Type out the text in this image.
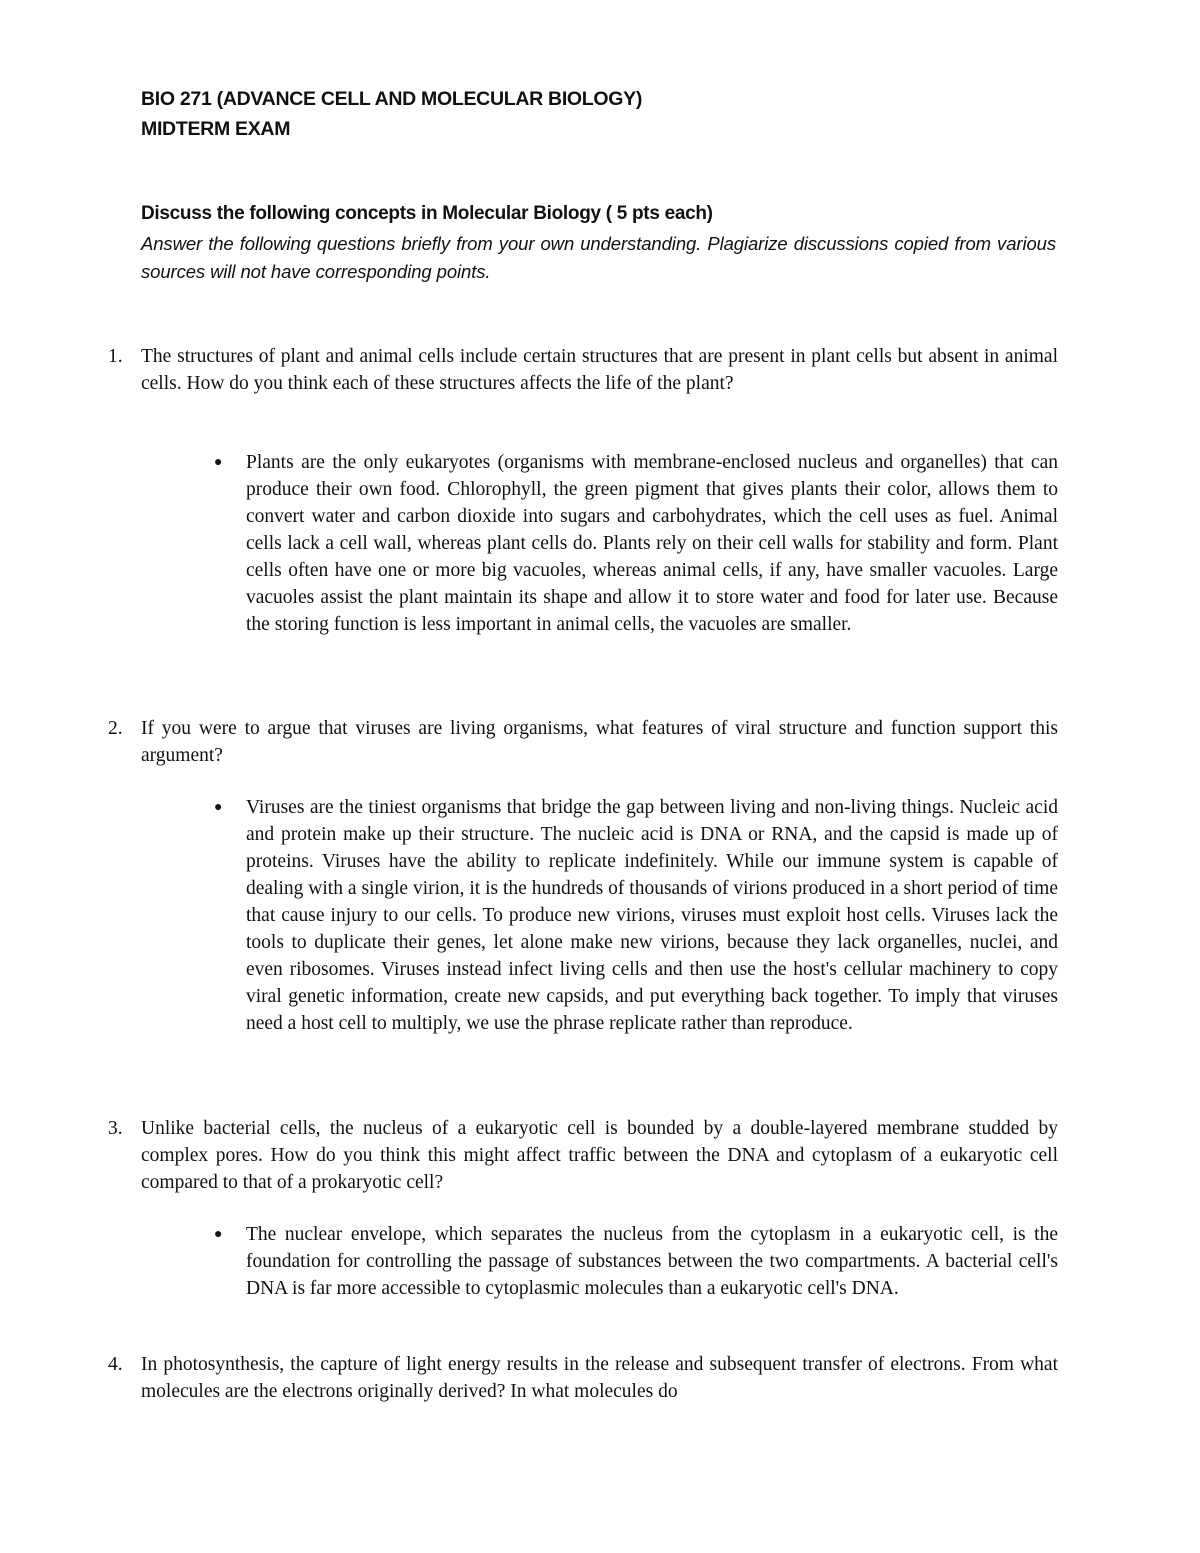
BIO 271 (ADVANCE CELL AND MOLECULAR BIOLOGY)
MIDTERM EXAM
Discuss the following concepts in Molecular Biology ( 5 pts each)
Answer the following questions briefly from your own understanding. Plagiarize discussions copied from various sources will not have corresponding points.
1. The structures of plant and animal cells include certain structures that are present in plant cells but absent in animal cells. How do you think each of these structures affects the life of the plant?
●	Plants are the only eukaryotes (organisms with membrane-enclosed nucleus and organelles) that can produce their own food. Chlorophyll, the green pigment that gives plants their color, allows them to convert water and carbon dioxide into sugars and carbohydrates, which the cell uses as fuel. Animal cells lack a cell wall, whereas plant cells do. Plants rely on their cell walls for stability and form. Plant cells often have one or more big vacuoles, whereas animal cells, if any, have smaller vacuoles. Large vacuoles assist the plant maintain its shape and allow it to store water and food for later use. Because the storing function is less important in animal cells, the vacuoles are smaller.
2. If you were to argue that viruses are living organisms, what features of viral structure and function support this argument?
●	Viruses are the tiniest organisms that bridge the gap between living and non-living things. Nucleic acid and protein make up their structure. The nucleic acid is DNA or RNA, and the capsid is made up of proteins. Viruses have the ability to replicate indefinitely. While our immune system is capable of dealing with a single virion, it is the hundreds of thousands of virions produced in a short period of time that cause injury to our cells. To produce new virions, viruses must exploit host cells. Viruses lack the tools to duplicate their genes, let alone make new virions, because they lack organelles, nuclei, and even ribosomes. Viruses instead infect living cells and then use the host's cellular machinery to copy viral genetic information, create new capsids, and put everything back together. To imply that viruses need a host cell to multiply, we use the phrase replicate rather than reproduce.
3. Unlike bacterial cells, the nucleus of a eukaryotic cell is bounded by a double-layered membrane studded by complex pores. How do you think this might affect traffic between the DNA and cytoplasm of a eukaryotic cell compared to that of a prokaryotic cell?
●	The nuclear envelope, which separates the nucleus from the cytoplasm in a eukaryotic cell, is the foundation for controlling the passage of substances between the two compartments. A bacterial cell's DNA is far more accessible to cytoplasmic molecules than a eukaryotic cell's DNA.
4. In photosynthesis, the capture of light energy results in the release and subsequent transfer of electrons. From what molecules are the electrons originally derived? In what molecules do
